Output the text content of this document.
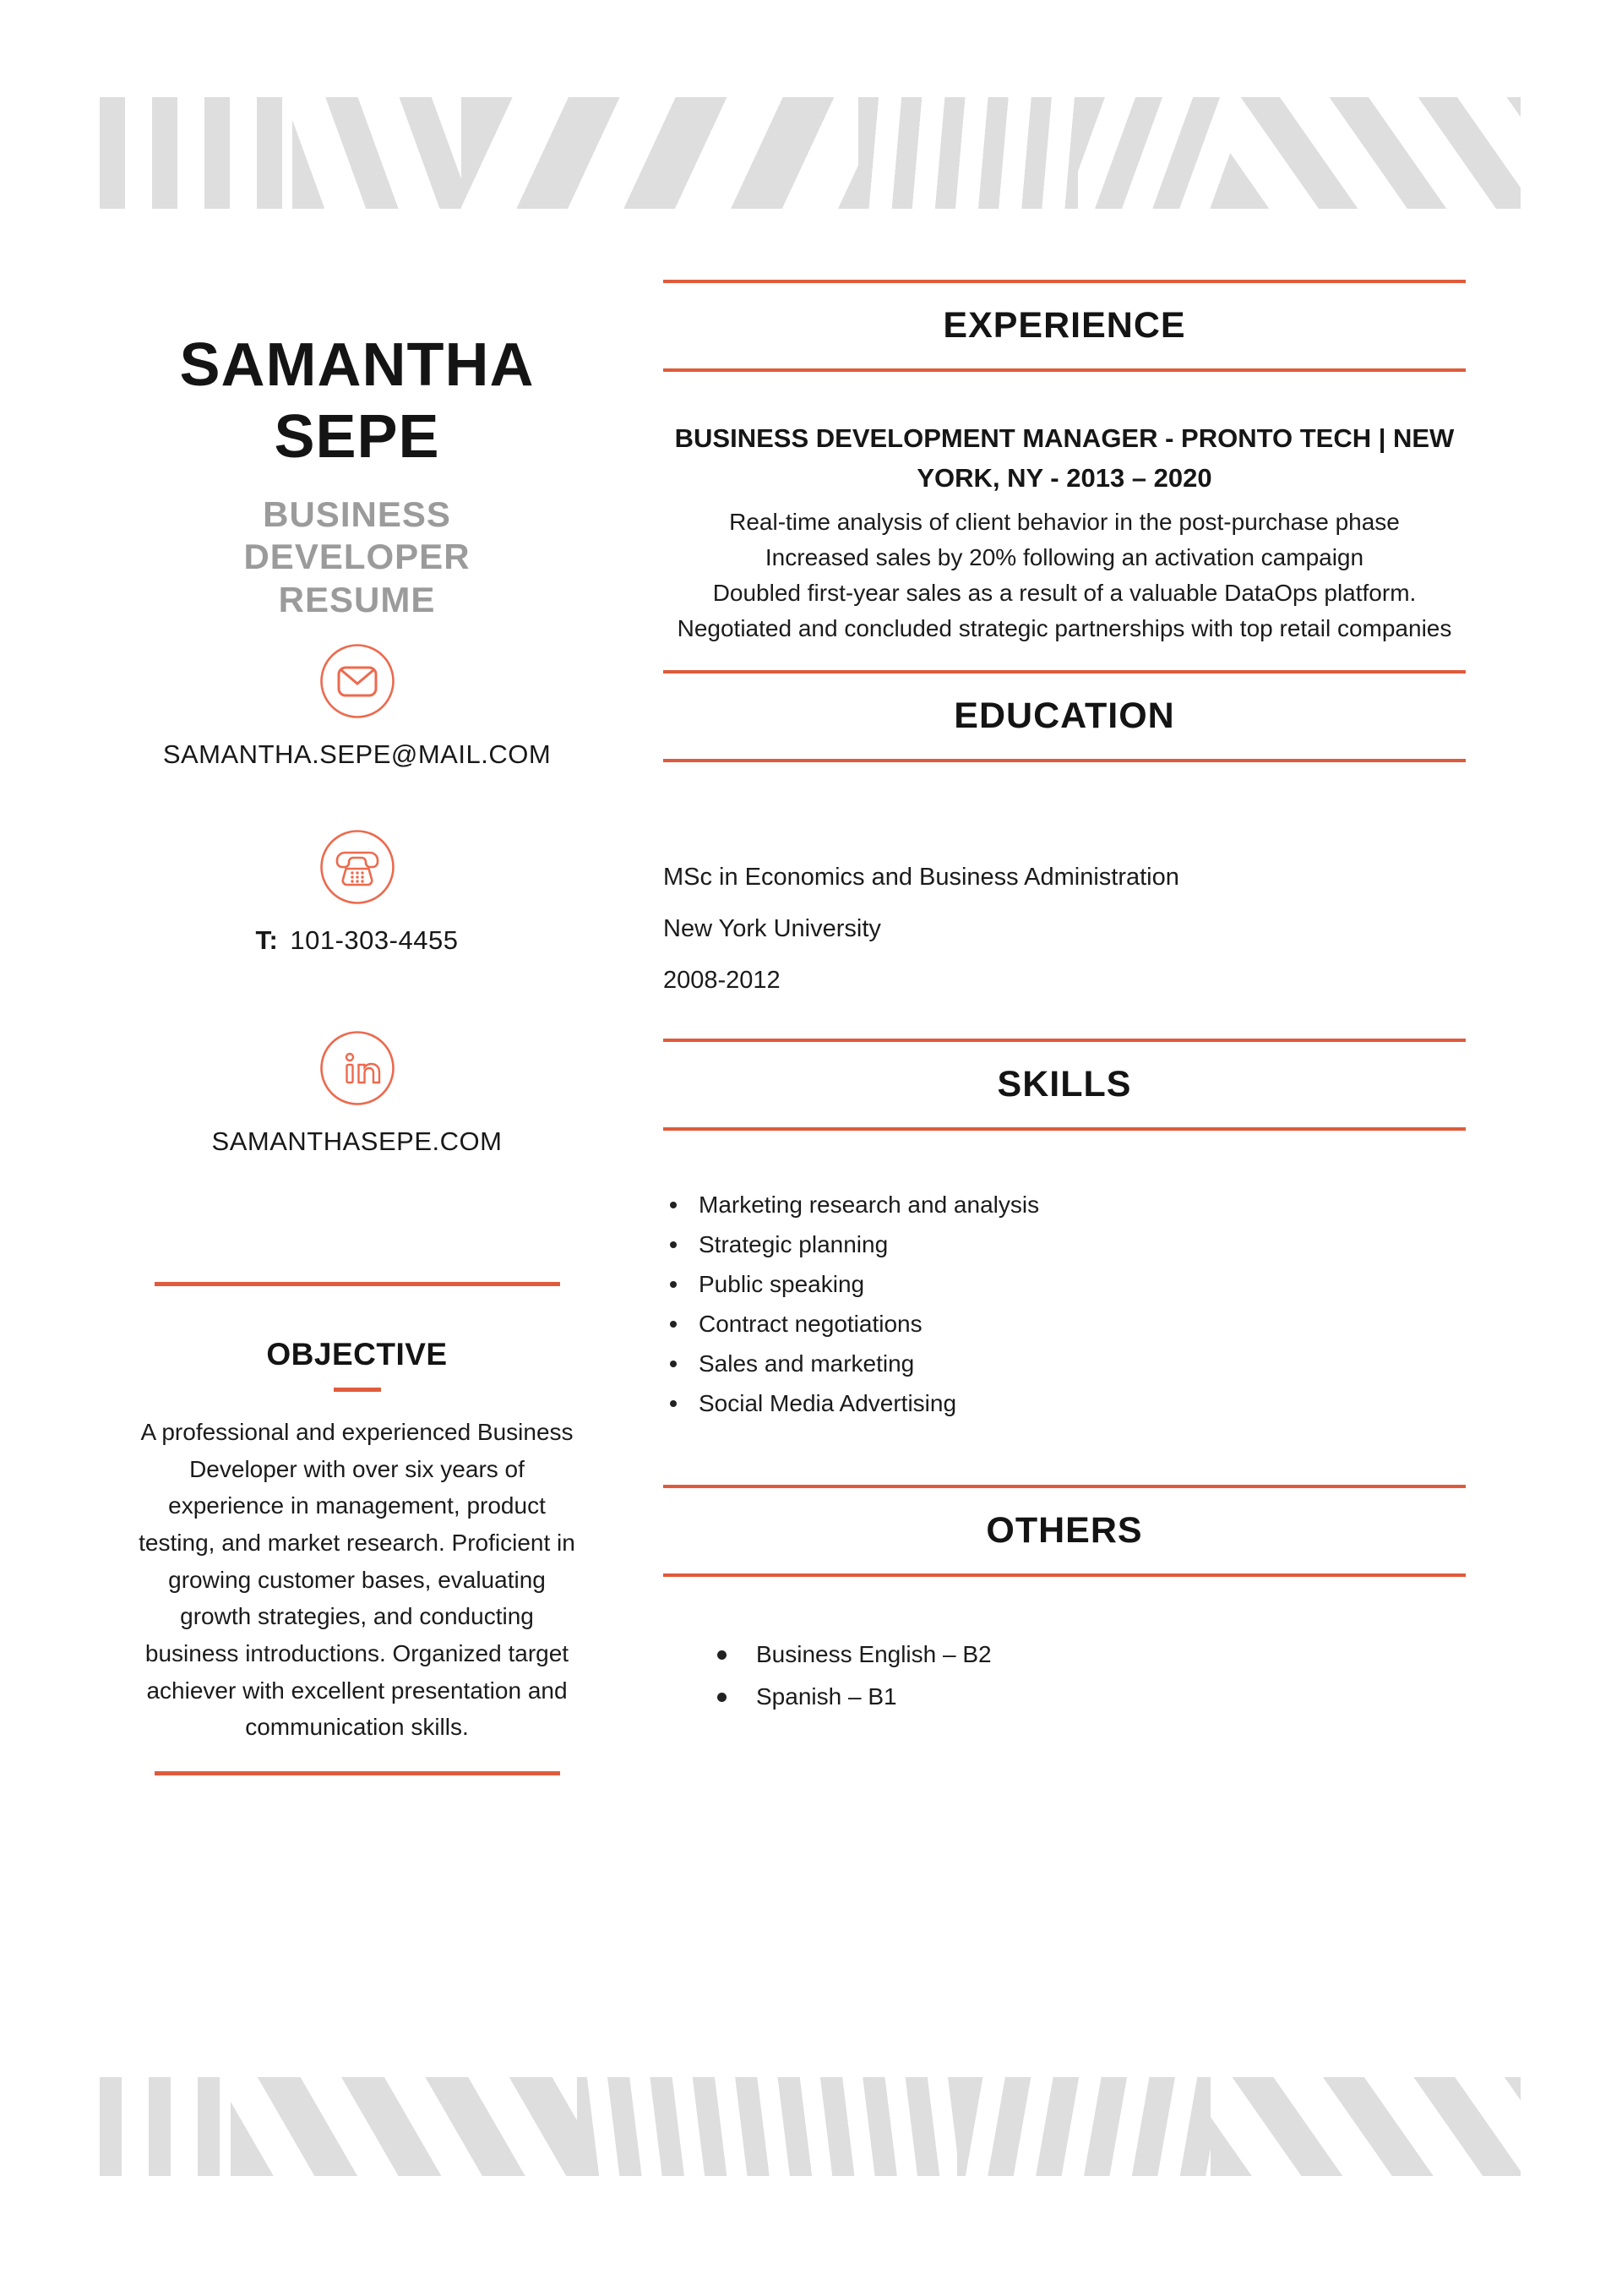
SAMANTHA SEPE
BUSINESS DEVELOPER RESUME
SAMANTHA.SEPE@MAIL.COM
T: 101-303-4455
SAMANTHASEPE.COM
OBJECTIVE

A professional and experienced Business Developer with over six years of experience in management, product testing, and market research. Proficient in growing customer bases, evaluating growth strategies, and conducting business introductions. Organized target achiever with excellent presentation and communication skills.

EXPERIENCE
BUSINESS DEVELOPMENT MANAGER - PRONTO TECH | NEW YORK, NY - 2013 – 2020
Real-time analysis of client behavior in the post-purchase phase
Increased sales by 20% following an activation campaign
Doubled first-year sales as a result of a valuable DataOps platform.
Negotiated and concluded strategic partnerships with top retail companies
EDUCATION
MSc in Economics and Business Administration
New York University
2008-2012
SKILLS
Marketing research and analysis
Strategic planning
Public speaking
Contract negotiations
Sales and marketing
Social Media Advertising
OTHERS
Business English – B2
Spanish – B1
